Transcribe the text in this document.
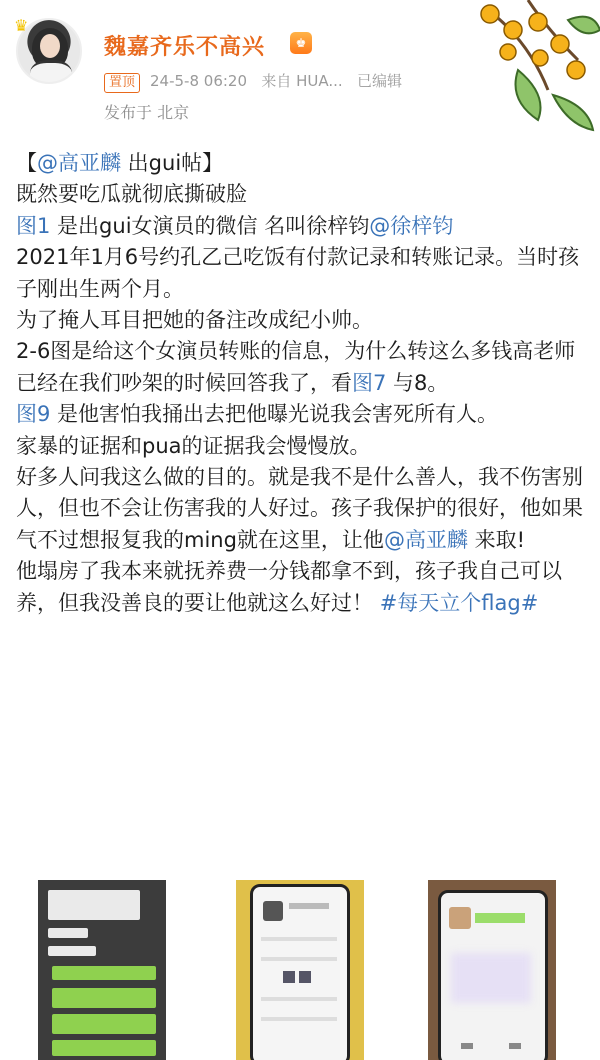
♛
魏嘉齐乐不高兴	♚
置顶 24-5-8 06:20 来自 HUA... 已编辑
发布于 北京

【@高亚麟 出gui帖】

既然要吃瓜就彻底撕破脸

图1 是出gui女演员的微信 名叫徐梓钧@徐梓钧

2021年1月6号约孔乙己吃饭有付款记录和转账记录。当时孩子刚出生两个月。

为了掩人耳目把她的备注改成纪小帅。

2-6图是给这个女演员转账的信息，为什么转这么多钱高老师已经在我们吵架的时候回答我了，看图7 与8。

图9 是他害怕我捅出去把他曝光说我会害死所有人。

家暴的证据和pua的证据我会慢慢放。

好多人问我这么做的目的。就是我不是什么善人，我不伤害别人，但也不会让伤害我的人好过。孩子我保护的很好，他如果气不过想报复我的ming就在这里，让他@高亚麟 来取!

他塌房了我本来就抚养费一分钱都拿不到，孩子我自己可以养，但我没善良的要让他就这么好过！ #每天立个flag#
